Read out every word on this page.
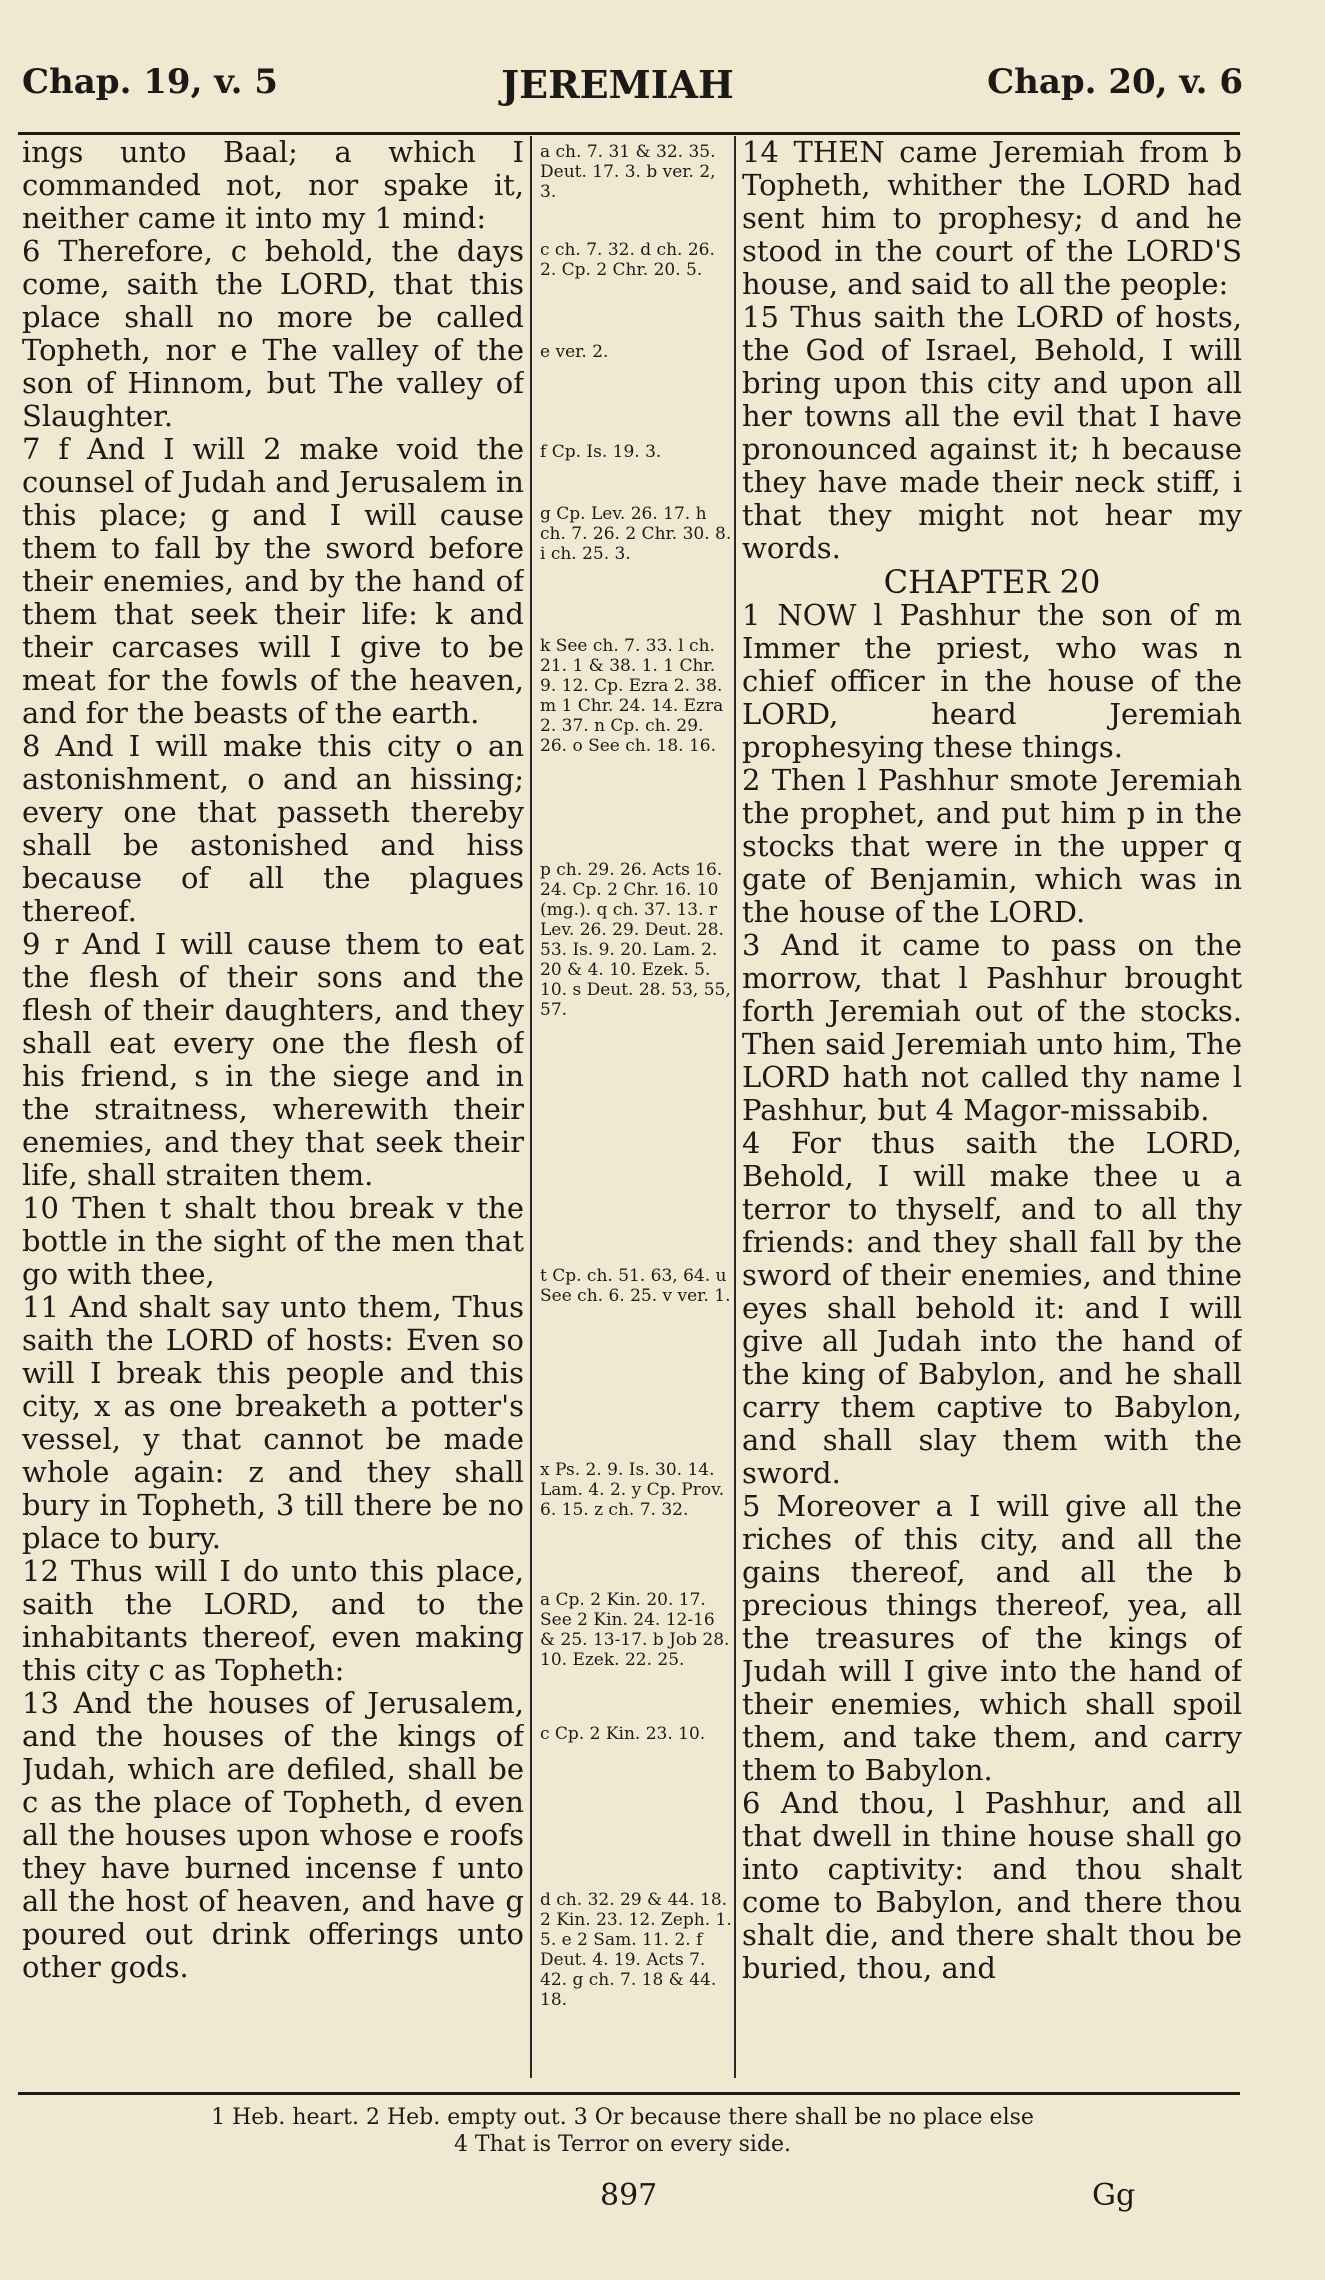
Chap. 19, v. 5	JEREMIAH	Chap. 20, v. 6

ings unto Baal; a which I commanded not, nor spake it, neither came it into my 1 mind:

6 Therefore, c behold, the days come, saith the LORD, that this place shall no more be called Topheth, nor e The valley of the son of Hinnom, but The valley of Slaughter.

7 f And I will 2 make void the counsel of Judah and Jerusalem in this place; g and I will cause them to fall by the sword before their enemies, and by the hand of them that seek their life: k and their carcases will I give to be meat for the fowls of the heaven, and for the beasts of the earth.

8 And I will make this city o an astonishment, o and an hissing; every one that passeth thereby shall be astonished and hiss because of all the plagues thereof.

9 r And I will cause them to eat the flesh of their sons and the flesh of their daughters, and they shall eat every one the flesh of his friend, s in the siege and in the straitness, wherewith their enemies, and they that seek their life, shall straiten them.

10 Then t shalt thou break v the bottle in the sight of the men that go with thee,

11 And shalt say unto them, Thus saith the LORD of hosts: Even so will I break this people and this city, x as one breaketh a potter's vessel, y that cannot be made whole again: z and they shall bury in Topheth, 3 till there be no place to bury.

12 Thus will I do unto this place, saith the LORD, and to the inhabitants thereof, even making this city c as Topheth:

13 And the houses of Jerusalem, and the houses of the kings of Judah, which are defiled, shall be c as the place of Topheth, d even all the houses upon whose e roofs they have burned incense f unto all the host of heaven, and have g poured out drink offerings unto other gods.

a ch. 7. 31 & 32. 35. Deut. 17. 3. b ver. 2, 3.
c ch. 7. 32. d ch. 26. 2. Cp. 2 Chr. 20. 5.
e ver. 2.
f Cp. Is. 19. 3.
g Cp. Lev. 26. 17. h ch. 7. 26. 2 Chr. 30. 8. i ch. 25. 3.
k See ch. 7. 33. l ch. 21. 1 & 38. 1. 1 Chr. 9. 12. Cp. Ezra 2. 38. m 1 Chr. 24. 14. Ezra 2. 37. n Cp. ch. 29. 26. o See ch. 18. 16.
p ch. 29. 26. Acts 16. 24. Cp. 2 Chr. 16. 10 (mg.). q ch. 37. 13. r Lev. 26. 29. Deut. 28. 53. Is. 9. 20. Lam. 2. 20 & 4. 10. Ezek. 5. 10. s Deut. 28. 53, 55, 57.
t Cp. ch. 51. 63, 64. u See ch. 6. 25. v ver. 1.
x Ps. 2. 9. Is. 30. 14. Lam. 4. 2. y Cp. Prov. 6. 15. z ch. 7. 32.
a Cp. 2 Kin. 20. 17. See 2 Kin. 24. 12-16 & 25. 13-17. b Job 28. 10. Ezek. 22. 25.
c Cp. 2 Kin. 23. 10.
d ch. 32. 29 & 44. 18. 2 Kin. 23. 12. Zeph. 1. 5. e 2 Sam. 11. 2. f Deut. 4. 19. Acts 7. 42. g ch. 7. 18 & 44. 18.

14 THEN came Jeremiah from b Topheth, whither the LORD had sent him to prophesy; d and he stood in the court of the LORD'S house, and said to all the people:

15 Thus saith the LORD of hosts, the God of Israel, Behold, I will bring upon this city and upon all her towns all the evil that I have pronounced against it; h because they have made their neck stiff, i that they might not hear my words.

CHAPTER 20

1 NOW l Pashhur the son of m Immer the priest, who was n chief officer in the house of the LORD, heard Jeremiah prophesying these things.

2 Then l Pashhur smote Jeremiah the prophet, and put him p in the stocks that were in the upper q gate of Benjamin, which was in the house of the LORD.

3 And it came to pass on the morrow, that l Pashhur brought forth Jeremiah out of the stocks. Then said Jeremiah unto him, The LORD hath not called thy name l Pashhur, but 4 Magor-missabib.

4 For thus saith the LORD, Behold, I will make thee u a terror to thyself, and to all thy friends: and they shall fall by the sword of their enemies, and thine eyes shall behold it: and I will give all Judah into the hand of the king of Babylon, and he shall carry them captive to Babylon, and shall slay them with the sword.

5 Moreover a I will give all the riches of this city, and all the gains thereof, and all the b precious things thereof, yea, all the treasures of the kings of Judah will I give into the hand of their enemies, which shall spoil them, and take them, and carry them to Babylon.

6 And thou, l Pashhur, and all that dwell in thine house shall go into captivity: and thou shalt come to Babylon, and there thou shalt die, and there shalt thou be buried, thou, and

1 Heb. heart. 2 Heb. empty out. 3 Or because there shall be no place else
4 That is Terror on every side.
897	Gg
